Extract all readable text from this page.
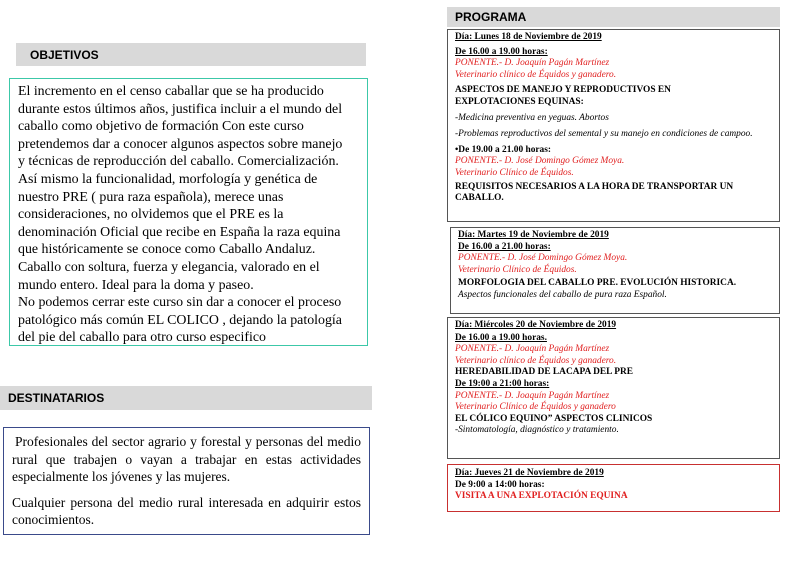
OBJETIVOS
El incremento en el censo caballar que se ha producido
durante estos últimos años, justifica incluir a el mundo del
caballo como objetivo de formación Con este curso
pretendemos dar a conocer algunos aspectos sobre manejo
y técnicas de reproducción del caballo. Comercialización.
Así mismo la funcionalidad, morfología y genética de
nuestro PRE ( pura raza española), merece unas
consideraciones, no olvidemos que el PRE es la
denominación Oficial que recibe en España la raza equina
que históricamente se conoce como Caballo Andaluz.
Caballo con soltura, fuerza y elegancia, valorado en el
mundo entero. Ideal para la doma y paseo.
No podemos cerrar este curso sin dar a conocer el proceso
patológico más común EL COLICO , dejando la patología
del pie del caballo para otro curso especifico
DESTINATARIOS

Profesionales del sector agrario y forestal y personas del medio rural que trabajen o vayan a trabajar en estas actividades especialmente los jóvenes y las mujeres.

Cualquier persona del medio rural interesada en adquirir estos conocimientos.

PROGRAMA
Día: Lunes 18 de Noviembre de 2019
De 16.00 a 19.00 horas:
PONENTE.- D. Joaquín Pagán Martínez
Veterinario clínico de Équidos y ganadero.
ASPECTOS DE MANEJO Y REPRODUCTIVOS EN
EXPLOTACIONES EQUINAS:
-Medicina preventiva en yeguas. Abortos
-Problemas reproductivos del semental y su manejo en condiciones de campoo.
•De 19.00 a 21.00 horas:
PONENTE.- D. José Domingo Gómez Moya.
Veterinario Clínico de Équidos.
REQUISITOS NECESARIOS A LA HORA DE TRANSPORTAR UN CABALLO.
Día: Martes 19 de Noviembre de 2019
De 16.00 a 21.00 horas:
PONENTE.- D. José Domingo Gómez Moya.
Veterinario Clínico de Équidos.
MORFOLOGIA DEL CABALLO PRE. EVOLUCIÓN HISTORICA.
Aspectos funcionales del caballo de pura raza Español.
Día: Miércoles 20 de Noviembre de 2019
De 16.00 a 19.00 horas.
PONENTE.- D. Joaquín Pagán Martínez
Veterinario clínico de Équidos y ganadero.
HEREDABILIDAD DE LACAPA DEL PRE
De 19:00 a 21:00 horas:
PONENTE.- D. Joaquín Pagán Martínez
Veterinario Clínico de Équidos y ganadero
EL CÓLICO EQUINO” ASPECTOS CLINICOS
-Sintomatología, diagnóstico y tratamiento.
Día: Jueves 21 de Noviembre de 2019
De 9:00 a 14:00 horas:
VISITA A UNA EXPLOTACIÓN EQUINA
